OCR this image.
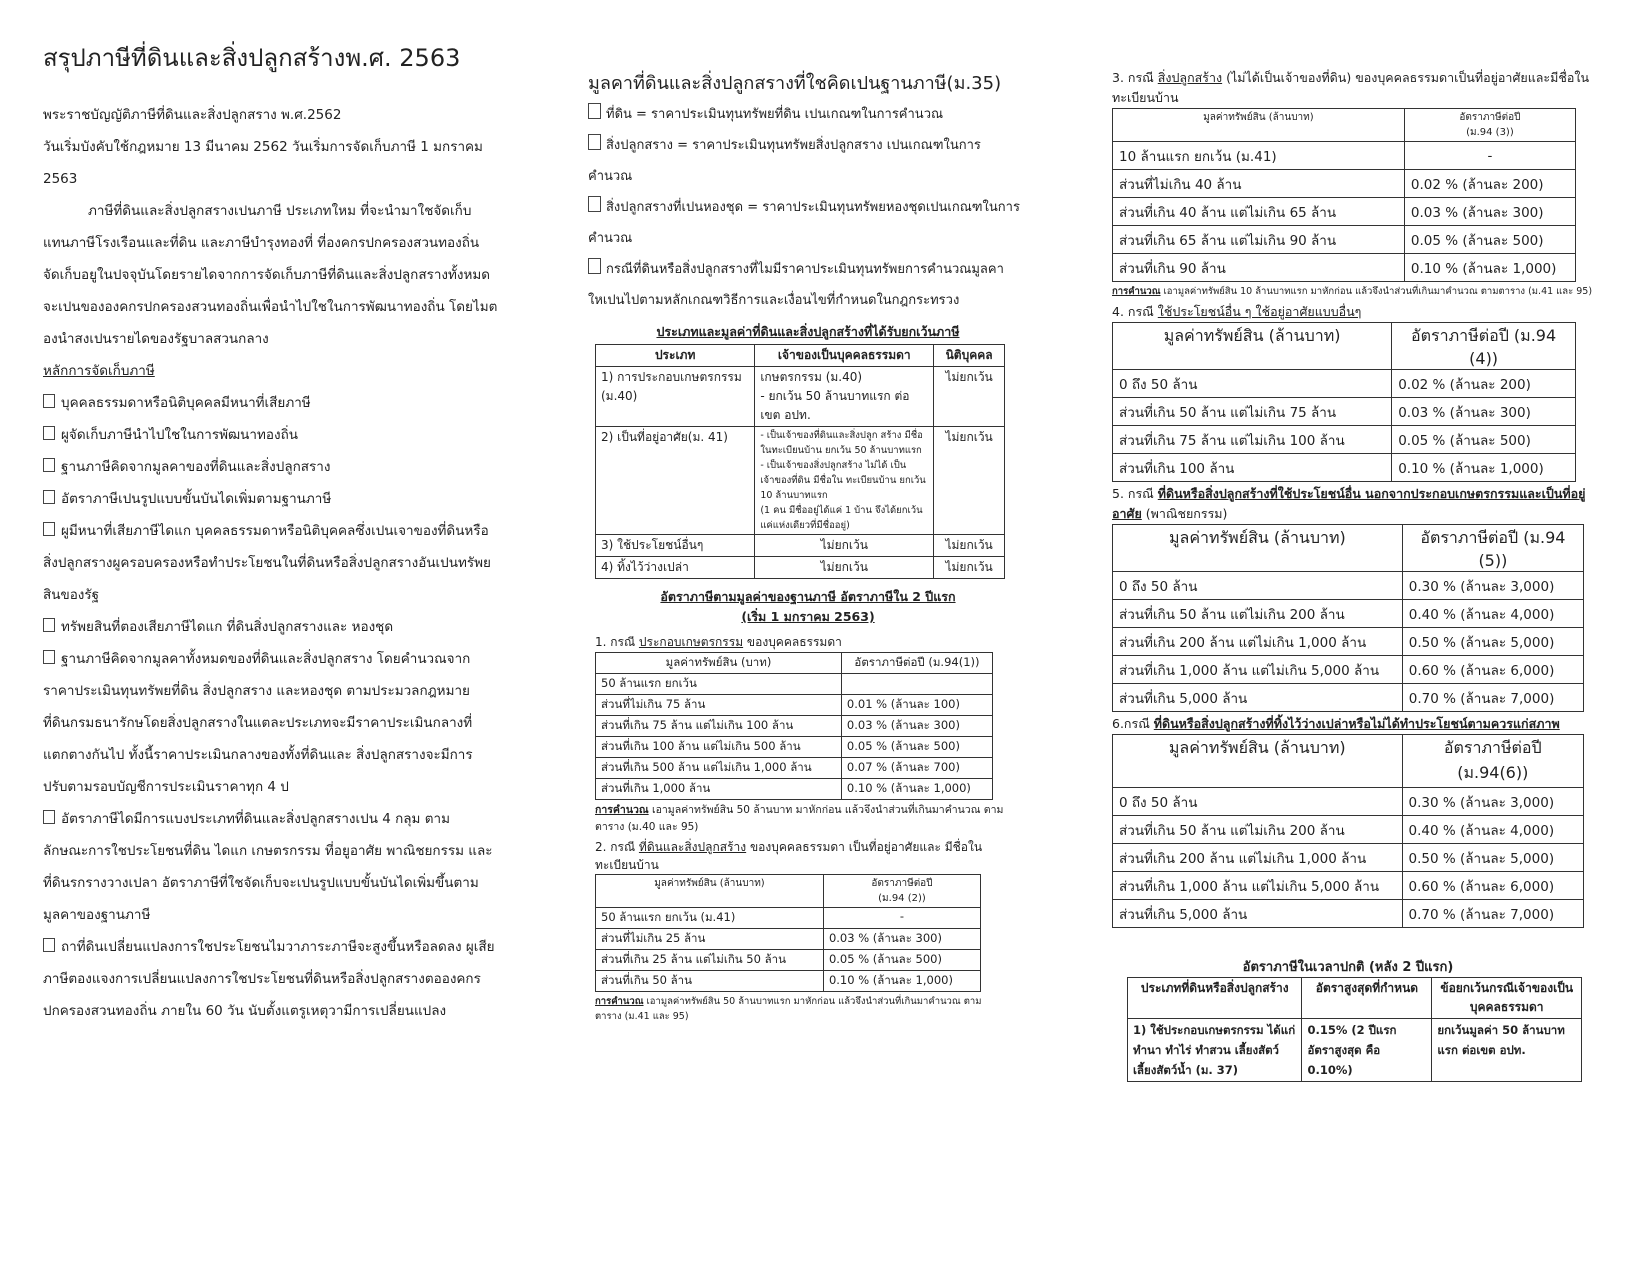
สรุปภาษีที่ดินและสิ่งปลูกสร้างพ.ศ. 2563

พระราชบัญญัติภาษีที่ดินและสิ่งปลูกสราง พ.ศ.2562

วันเริ่มบังคับใช้กฎหมาย 13 มีนาคม 2562 วันเริ่มการจัดเก็บภาษี 1 มกราคม

2563

ภาษีที่ดินและสิ่งปลูกสรางเปนภาษี ประเภทใหม ที่จะนํามาใชจัดเก็บ

แทนภาษีโรงเรือนและที่ดิน และภาษีบํารุงทองที่ ที่องคกรปกครองสวนทองถิ่น

จัดเก็บอยูในปจจุบันโดยรายไดจากการจัดเก็บภาษีที่ดินและสิ่งปลูกสรางทั้งหมด

จะเปนขององคกรปกครองสวนทองถิ่นเพื่อนําไปใชในการพัฒนาทองถิ่น โดยไมต

องนําสงเปนรายไดของรัฐบาลสวนกลาง

หลักการจัดเก็บภาษี

บุคคลธรรมดาหรือนิติบุคคลมีหนาที่เสียภาษี

ผูจัดเก็บภาษีนําไปใชในการพัฒนาทองถิ่น

ฐานภาษีคิดจากมูลคาของที่ดินและสิ่งปลูกสราง

อัตราภาษีเปนรูปแบบขั้นบันไดเพิ่มตามฐานภาษี

ผูมีหนาที่เสียภาษีไดแก บุคคลธรรมดาหรือนิติบุคคลซึ่งเปนเจาของที่ดินหรือ

สิ่งปลูกสรางผูครอบครองหรือทําประโยชนในที่ดินหรือสิ่งปลูกสรางอันเปนทรัพย

สินของรัฐ

ทรัพยสินที่ตองเสียภาษีไดแก ที่ดินสิ่งปลูกสรางและ หองชุด

ฐานภาษีคิดจากมูลคาทั้งหมดของที่ดินและสิ่งปลูกสราง โดยคํานวณจาก

ราคาประเมินทุนทรัพยที่ดิน สิ่งปลูกสราง และหองชุด ตามประมวลกฎหมาย

ที่ดินกรมธนารักษโดยสิ่งปลูกสรางในแตละประเภทจะมีราคาประเมินกลางที่

แตกตางกันไป ทั้งนี้ราคาประเมินกลางของทั้งที่ดินและ สิ่งปลูกสรางจะมีการ

ปรับตามรอบบัญชีการประเมินราคาทุก 4 ป

อัตราภาษีไดมีการแบงประเภทที่ดินและสิ่งปลูกสรางเปน 4 กลุม ตาม

ลักษณะการใชประโยชนที่ดิน ไดแก เกษตรกรรม ที่อยูอาศัย พาณิชยกรรม และ

ที่ดินรกรางวางเปลา อัตราภาษีที่ใชจัดเก็บจะเปนรูปแบบขั้นบันไดเพิ่มขึ้นตาม

มูลคาของฐานภาษี

ถาที่ดินเปลี่ยนแปลงการใชประโยชนไมวาภาระภาษีจะสูงขึ้นหรือลดลง ผูเสีย

ภาษีตองแจงการเปลี่ยนแปลงการใชประโยชนที่ดินหรือสิ่งปลูกสรางตอองคกร

ปกครองสวนทองถิ่น ภายใน 60 วัน นับตั้งแตรูเหตุวามีการเปลี่ยนแปลง

มูลคาที่ดินและสิ่งปลูกสรางที่ใชคิดเปนฐานภาษี(ม.35)

ที่ดิน = ราคาประเมินทุนทรัพยที่ดิน เปนเกณฑในการคํานวณ

สิ่งปลูกสราง = ราคาประเมินทุนทรัพยสิ่งปลูกสราง เปนเกณฑในการ

คํานวณ

สิ่งปลูกสรางที่เปนหองชุด = ราคาประเมินทุนทรัพยหองชุดเปนเกณฑในการ

คํานวณ

กรณีที่ดินหรือสิ่งปลูกสรางที่ไมมีราคาประเมินทุนทรัพยการคํานวณมูลคา

ใหเปนไปตามหลักเกณฑวิธีการและเงื่อนไขที่กําหนดในกฎกระทรวง

ประเภทและมูลค่าที่ดินและสิ่งปลูกสร้างที่ได้รับยกเว้นภาษี
ประเภท	เจ้าของเป็นบุคคลธรรมดา	นิติบุคคล
1) การประกอบเกษตรกรรม (ม.40)	เกษตรกรรม (ม.40)
- ยกเว้น 50 ล้านบาทแรก ต่อ เขต อปท.	ไม่ยกเว้น
2) เป็นที่อยู่อาศัย(ม. 41)	- เป็นเจ้าของที่ดินและสิ่งปลูก สร้าง มีชื่อในทะเบียนบ้าน ยกเว้น 50 ล้านบาทแรก
- เป็นเจ้าของสิ่งปลูกสร้าง ไม่ได้ เป็นเจ้าของที่ดิน มีชื่อใน ทะเบียนบ้าน ยกเว้น 10 ล้านบาทแรก
(1 คน มีชื่ออยู่ได้แค่ 1 บ้าน จึงได้ยกเว้นแค่แห่งเดียวที่มีชื่ออยู่)	ไม่ยกเว้น
3) ใช้ประโยชน์อื่นๆ	ไม่ยกเว้น	ไม่ยกเว้น
4) ทิ้งไว้ว่างเปล่า	ไม่ยกเว้น	ไม่ยกเว้น
อัตราภาษีตามมูลค่าของฐานภาษี อัตราภาษีใน 2 ปีแรก
(เริ่ม 1 มกราคม 2563)
1. กรณี ประกอบเกษตรกรรม ของบุคคลธรรมดา
มูลค่าทรัพย์สิน (บาท)	อัตราภาษีต่อปี (ม.94(1))
50 ล้านแรก ยกเว้น	
ส่วนที่ไม่เกิน 75 ล้าน	0.01 % (ล้านละ 100)
ส่วนที่เกิน 75 ล้าน แต่ไม่เกิน 100 ล้าน	0.03 % (ล้านละ 300)
ส่วนที่เกิน 100 ล้าน แต่ไม่เกิน 500 ล้าน	0.05 % (ล้านละ 500)
ส่วนที่เกิน 500 ล้าน แต่ไม่เกิน 1,000 ล้าน	0.07 % (ล้านละ 700)
ส่วนที่เกิน 1,000 ล้าน	0.10 % (ล้านละ 1,000)
การคำนวณ เอามูลค่าทรัพย์สิน 50 ล้านบาท มาหักก่อน แล้วจึงนำส่วนที่เกินมาคำนวณ ตามตาราง (ม.40 และ 95)
2. กรณี ที่ดินและสิ่งปลูกสร้าง ของบุคคลธรรมดา เป็นที่อยู่อาศัยและ มีชื่อใน ทะเบียนบ้าน
มูลค่าทรัพย์สิน (ล้านบาท)	อัตราภาษีต่อปี
(ม.94 (2))
50 ล้านแรก ยกเว้น (ม.41)	-
ส่วนที่ไม่เกิน 25 ล้าน	0.03 % (ล้านละ 300)
ส่วนที่เกิน 25 ล้าน แต่ไม่เกิน 50 ล้าน	0.05 % (ล้านละ 500)
ส่วนที่เกิน 50 ล้าน	0.10 % (ล้านละ 1,000)
การคำนวณ เอามูลค่าทรัพย์สิน 50 ล้านบาทแรก มาหักก่อน แล้วจึงนำส่วนที่เกินมาคำนวณ ตามตาราง (ม.41 และ 95)
3. กรณี สิ่งปลูกสร้าง (ไม่ได้เป็นเจ้าของที่ดิน) ของบุคคลธรรมดาเป็นที่อยู่อาศัยและมีชื่อในทะเบียนบ้าน
มูลค่าทรัพย์สิน (ล้านบาท)	อัตราภาษีต่อปี
(ม.94 (3))
10 ล้านแรก ยกเว้น (ม.41)	-
ส่วนที่ไม่เกิน 40 ล้าน	0.02 % (ล้านละ 200)
ส่วนที่เกิน 40 ล้าน แต่ไม่เกิน 65 ล้าน	0.03 % (ล้านละ 300)
ส่วนที่เกิน 65 ล้าน แต่ไม่เกิน 90 ล้าน	0.05 % (ล้านละ 500)
ส่วนที่เกิน 90 ล้าน	0.10 % (ล้านละ 1,000)
การคำนวณ เอามูลค่าทรัพย์สิน 10 ล้านบาทแรก มาหักก่อน แล้วจึงนำส่วนที่เกินมาคำนวณ ตามตาราง (ม.41 และ 95)
4. กรณี ใช้ประโยชน์อื่น ๆ ใช้อยู่อาศัยแบบอื่นๆ
มูลค่าทรัพย์สิน (ล้านบาท)	อัตราภาษีต่อปี (ม.94 (4))
0 ถึง 50 ล้าน	0.02 % (ล้านละ 200)
ส่วนที่เกิน 50 ล้าน แต่ไม่เกิน 75 ล้าน	0.03 % (ล้านละ 300)
ส่วนที่เกิน 75 ล้าน แต่ไม่เกิน 100 ล้าน	0.05 % (ล้านละ 500)
ส่วนที่เกิน 100 ล้าน	0.10 % (ล้านละ 1,000)
5. กรณี ที่ดินหรือสิ่งปลูกสร้างที่ใช้ประโยชน์อื่น นอกจากประกอบเกษตรกรรมและเป็นที่อยู่อาศัย (พาณิชยกรรม)
มูลค่าทรัพย์สิน (ล้านบาท)	อัตราภาษีต่อปี (ม.94 (5))
0 ถึง 50 ล้าน	0.30 % (ล้านละ 3,000)
ส่วนที่เกิน 50 ล้าน แต่ไม่เกิน 200 ล้าน	0.40 % (ล้านละ 4,000)
ส่วนที่เกิน 200 ล้าน แต่ไม่เกิน 1,000 ล้าน	0.50 % (ล้านละ 5,000)
ส่วนที่เกิน 1,000 ล้าน แต่ไม่เกิน 5,000 ล้าน	0.60 % (ล้านละ 6,000)
ส่วนที่เกิน 5,000 ล้าน	0.70 % (ล้านละ 7,000)
6.กรณี ที่ดินหรือสิ่งปลูกสร้างที่ทิ้งไว้ว่างเปล่าหรือไม่ได้ทำประโยชน์ตามควรแก่สภาพ
มูลค่าทรัพย์สิน (ล้านบาท)	อัตราภาษีต่อปี (ม.94(6))
0 ถึง 50 ล้าน	0.30 % (ล้านละ 3,000)
ส่วนที่เกิน 50 ล้าน แต่ไม่เกิน 200 ล้าน	0.40 % (ล้านละ 4,000)
ส่วนที่เกิน 200 ล้าน แต่ไม่เกิน 1,000 ล้าน	0.50 % (ล้านละ 5,000)
ส่วนที่เกิน 1,000 ล้าน แต่ไม่เกิน 5,000 ล้าน	0.60 % (ล้านละ 6,000)
ส่วนที่เกิน 5,000 ล้าน	0.70 % (ล้านละ 7,000)
อัตราภาษีในเวลาปกติ (หลัง 2 ปีแรก)
ประเภทที่ดินหรือสิ่งปลูกสร้าง	อัตราสูงสุดที่กำหนด	ข้อยกเว้นกรณีเจ้าของเป็นบุคคลธรรมดา
1) ใช้ประกอบเกษตรกรรม ได้แก่ ทำนา ทำไร่ ทำสวน เลี้ยงสัตว์ เลี้ยงสัตว์น้ำ (ม. 37)	0.15% (2 ปีแรก อัตราสูงสุด คือ 0.10%)	ยกเว้นมูลค่า 50 ล้านบาทแรก ต่อเขต อปท.
